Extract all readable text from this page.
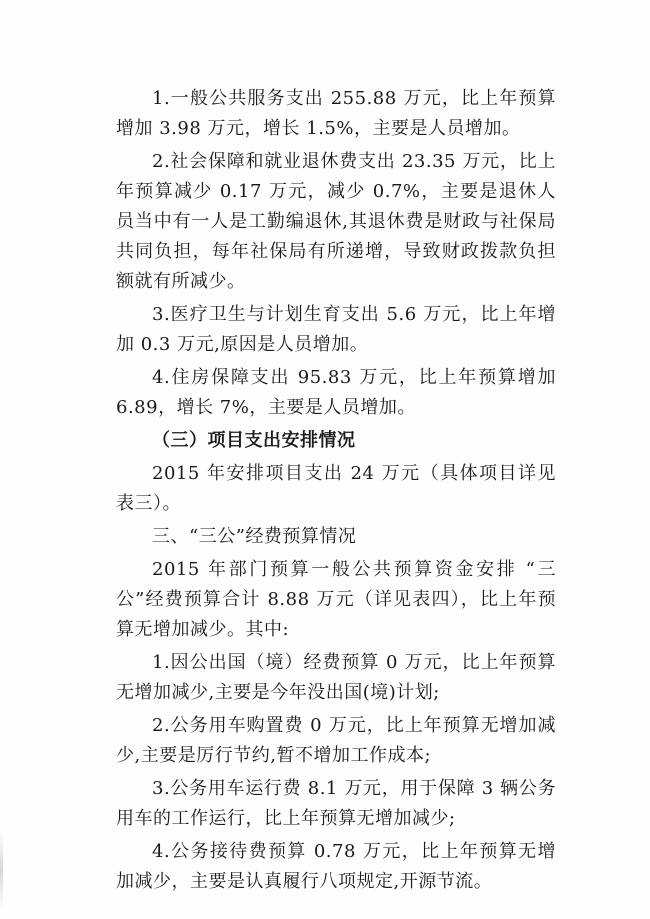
1.一般公共服务支出 255.88 万元，比上年预算增加 3.98 万元，增长 1.5%，主要是人员增加。

2.社会保障和就业退休费支出 23.35 万元，比上年预算减少 0.17 万元，减少 0.7%，主要是退休人员当中有一人是工勤编退休,其退休费是财政与社保局共同负担，每年社保局有所递增，导致财政拨款负担额就有所减少。

3.医疗卫生与计划生育支出 5.6 万元，比上年增加 0.3 万元,原因是人员增加。

4.住房保障支出 95.83 万元，比上年预算增加 6.89，增长 7%，主要是人员增加。

（三）项目支出安排情况

2015 年安排项目支出 24 万元（具体项目详见表三）。

三、“三公”经费预算情况

2015 年部门预算一般公共预算资金安排 “三公”经费预算合计 8.88 万元（详见表四），比上年预算无增加减少。其中:

1.因公出国（境）经费预算 0 万元，比上年预算无增加减少,主要是今年没出国(境)计划;

2.公务用车购置费 0 万元，比上年预算无增加减少,主要是厉行节约,暂不增加工作成本;

3.公务用车运行费 8.1 万元，用于保障 3 辆公务用车的工作运行，比上年预算无增加减少;

4.公务接待费预算 0.78 万元，比上年预算无增加减少，主要是认真履行八项规定,开源节流。
